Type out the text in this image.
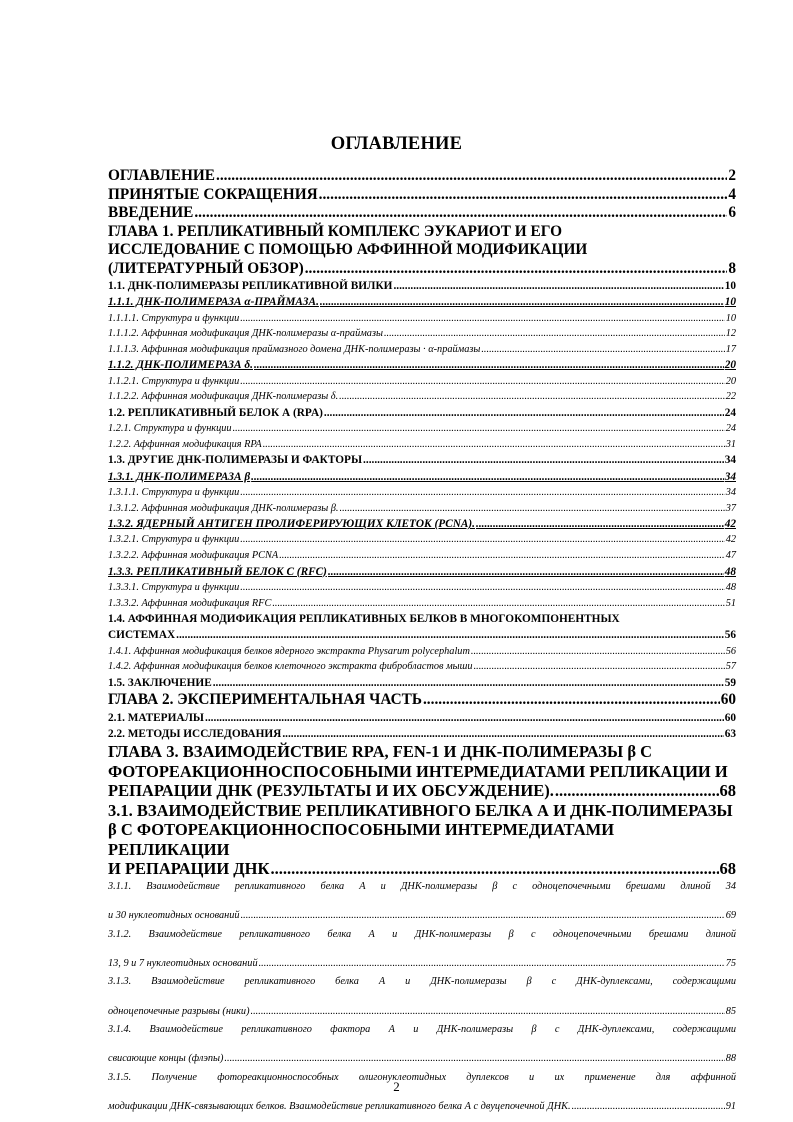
ОГЛАВЛЕНИЕ
ОГЛАВЛЕНИЕ .....	2
ПРИНЯТЫЕ СОКРАЩЕНИЯ .....	4
ВВЕДЕНИЕ .....	6
ГЛАВА 1. РЕПЛИКАТИВНЫЙ КОМПЛЕКС ЭУКАРИОТ И ЕГО
ИССЛЕДОВАНИЕ С ПОМОЩЬЮ АФФИННОЙ МОДИФИКАЦИИ
(ЛИТЕРАТУРНЫЙ ОБЗОР) .....	8
1.1. ДНК-ПОЛИМЕРАЗЫ РЕПЛИКАТИВНОЙ ВИЛКИ .....	10
1.1.1. ДНК-ПОЛИМЕРАЗА α-ПРАЙМАЗА. .....	10
1.1.1.1. Структура и функции .....	10
1.1.1.2. Аффинная модификация ДНК-полимеразы α-праймазы .....	12
1.1.1.3. Аффинная модификация праймазного домена ДНК-полимеразы · α-праймазы .....	17
1.1.2. ДНК-ПОЛИМЕРАЗА δ. .....	20
1.1.2.1. Структура и функции .....	20
1.1.2.2. Аффинная модификация ДНК-полимеразы δ. .....	22
1.2. РЕПЛИКАТИВНЫЙ БЕЛОК А (RPA) .....	24
1.2.1. Структура и функции .....	24
1.2.2. Аффинная модификация RPA .....	31
1.3. ДРУГИЕ ДНК-ПОЛИМЕРАЗЫ И ФАКТОРЫ .....	34
1.3.1. ДНК-ПОЛИМЕРАЗА β .....	34
1.3.1.1. Структура и функции .....	34
1.3.1.2. Аффинная модификация ДНК-полимеразы β. .....	37
1.3.2. ЯДЕРНЫЙ АНТИГЕН ПРОЛИФЕРИРУЮЩИХ КЛЕТОК (PCNA). .....	42
1.3.2.1. Структура и функции .....	42
1.3.2.2. Аффинная модификация PCNA .....	47
1.3.3. РЕПЛИКАТИВНЫЙ БЕЛОК С (RFC) .....	48
1.3.3.1. Структура и функции .....	48
1.3.3.2. Аффинная модификация RFC .....	51
1.4. АФФИННАЯ МОДИФИКАЦИЯ РЕПЛИКАТИВНЫХ БЕЛКОВ В МНОГОКОМПОНЕНТНЫХ
СИСТЕМАХ .....	56
1.4.1. Аффинная модификация белков ядерного экстракта Physarum polycephalum .....	56
1.4.2. Аффинная модификация белков клеточного экстракта фибробластов мыши .....	57
1.5. ЗАКЛЮЧЕНИЕ .....	59
ГЛАВА 2. ЭКСПЕРИМЕНТАЛЬНАЯ ЧАСТЬ .....	60
2.1. МАТЕРИАЛЫ .....	60
2.2. МЕТОДЫ ИССЛЕДОВАНИЯ .....	63
ГЛАВА 3. ВЗАИМОДЕЙСТВИЕ RPA, FEN-1 И ДНК-ПОЛИМЕРАЗЫ β С
ФОТОРЕАКЦИОННОСПОСОБНЫМИ ИНТЕРМЕДИАТАМИ РЕПЛИКАЦИИ И
РЕПАРАЦИИ ДНК (РЕЗУЛЬТАТЫ И ИХ ОБСУЖДЕНИЕ). .....	68
3.1. ВЗАИМОДЕЙСТВИЕ РЕПЛИКАТИВНОГО БЕЛКА А И ДНК-ПОЛИМЕРАЗЫ
β С ФОТОРЕАКЦИОННОСПОСОБНЫМИ ИНТЕРМЕДИАТАМИ РЕПЛИКАЦИИ
И РЕПАРАЦИИ ДНК .....	68
3.1.1. Взаимодействие репликативного белка А и ДНК-полимеразы β с одноцепочечными брешами длиной 34
и 30 нуклеотидных оснований .....	69
3.1.2. Взаимодействие репликативного белка А и ДНК-полимеразы β с одноцепочечными брешами длиной
13, 9 и 7 нуклеотидных оснований .....	75
3.1.3. Взаимодействие репликативного белка А и ДНК-полимеразы β с ДНК-дуплексами, содержащими
одноцепочечные разрывы (ники) .....	85
3.1.4. Взаимодействие репликативного фактора А и ДНК-полимеразы β с ДНК-дуплексами, содержащими
свисающие концы (флэпы) .....	88
3.1.5. Получение фотореакционноспособных олигонуклеотидных дуплексов и их применение для аффинной
модификации ДНК-связывающих белков. Взаимодействие репликативного белка А с двуцепочечной ДНК. .....	91
2
